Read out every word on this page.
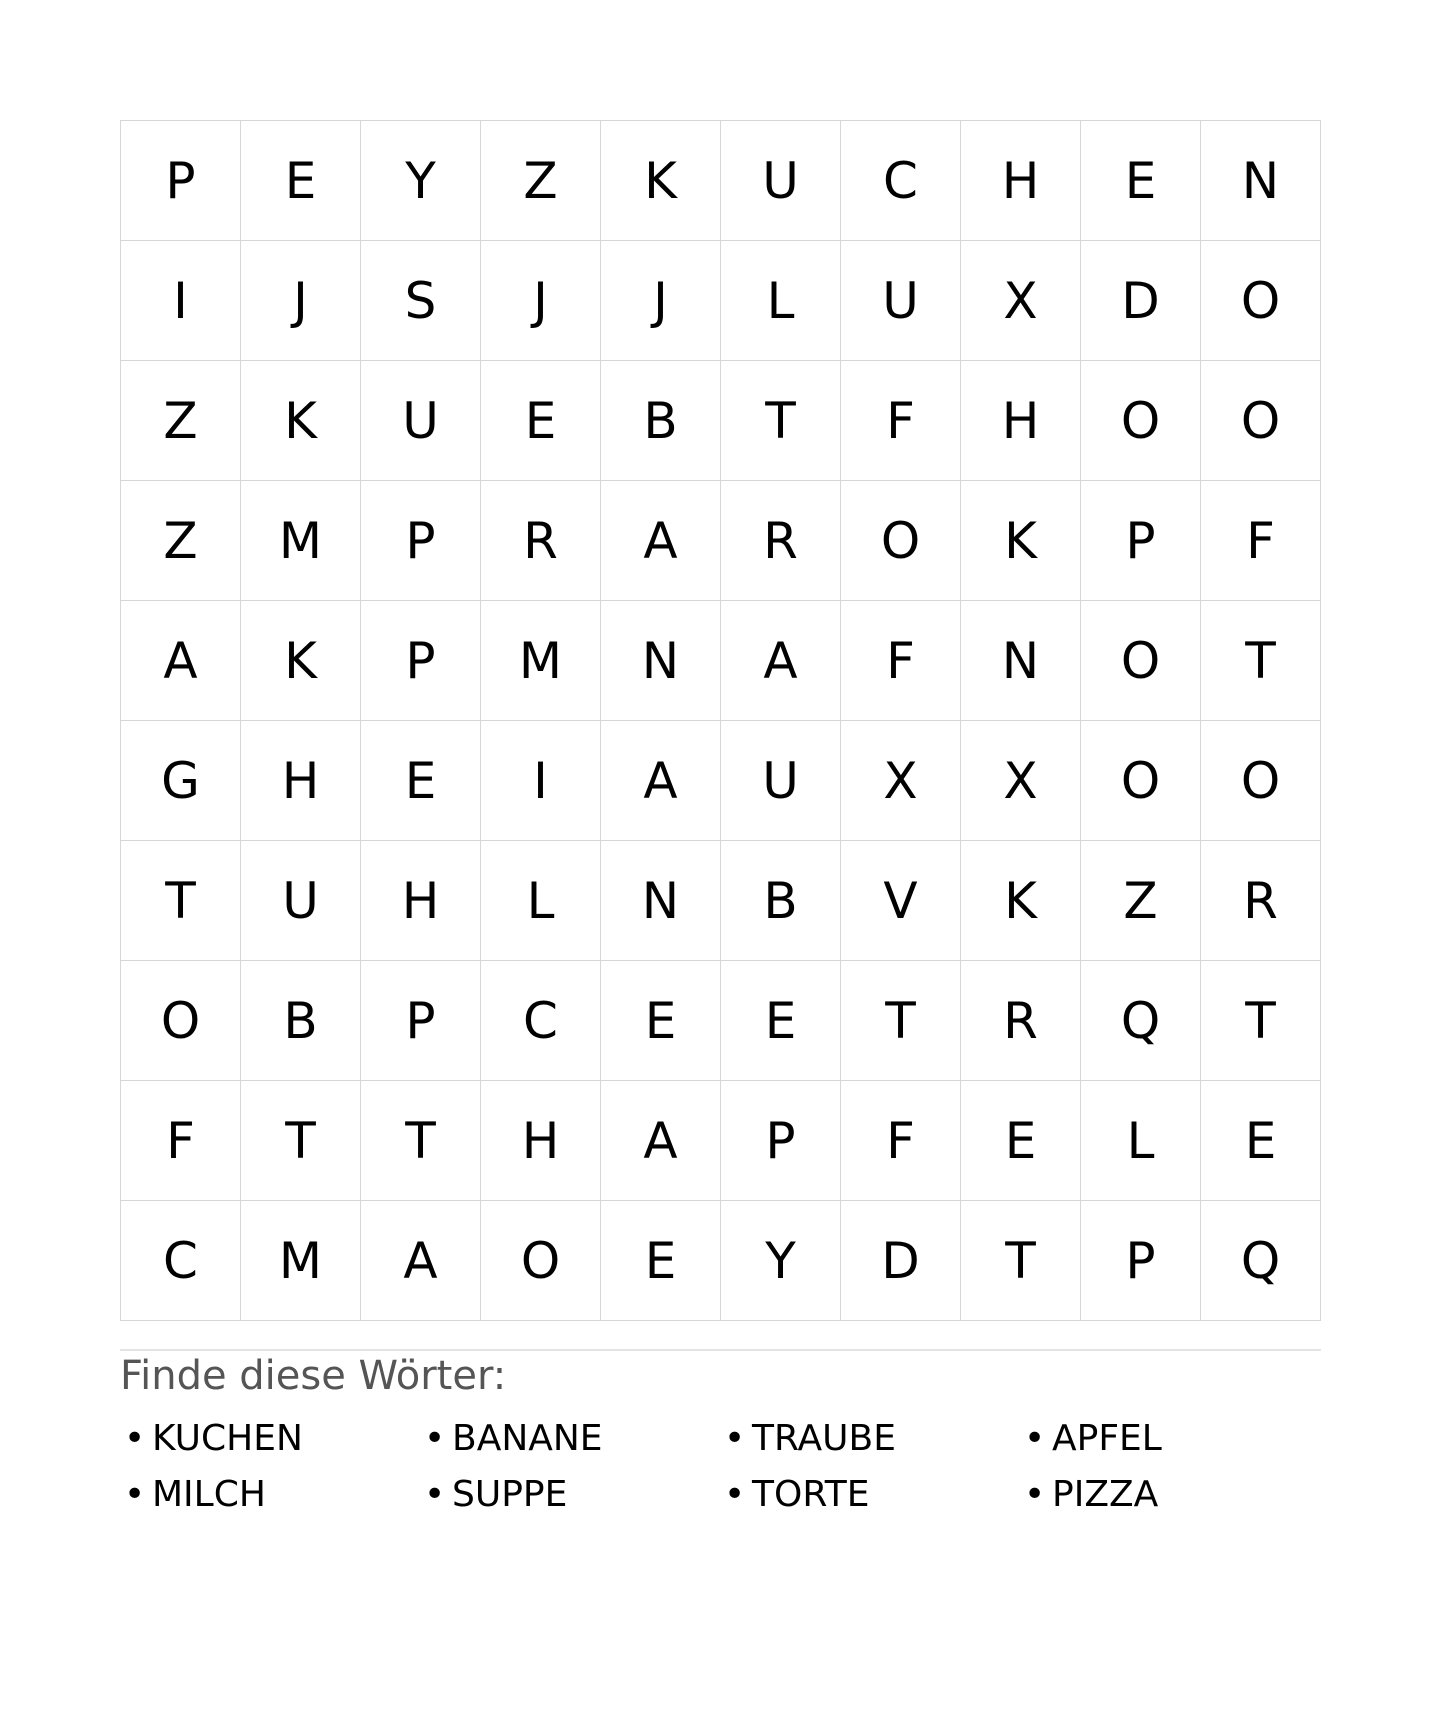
P	E	Y	Z	K	U	C	H	E	N
I	J	S	J	J	L	U	X	D	O
Z	K	U	E	B	T	F	H	O	O
Z	M	P	R	A	R	O	K	P	F
A	K	P	M	N	A	F	N	O	T
G	H	E	I	A	U	X	X	O	O
T	U	H	L	N	B	V	K	Z	R
O	B	P	C	E	E	T	R	Q	T
F	T	T	H	A	P	F	E	L	E
C	M	A	O	E	Y	D	T	P	Q
Finde diese Wörter:
• KUCHEN	• BANANE	• TRAUBE	• APFEL
• MILCH	• SUPPE	• TORTE	• PIZZA
